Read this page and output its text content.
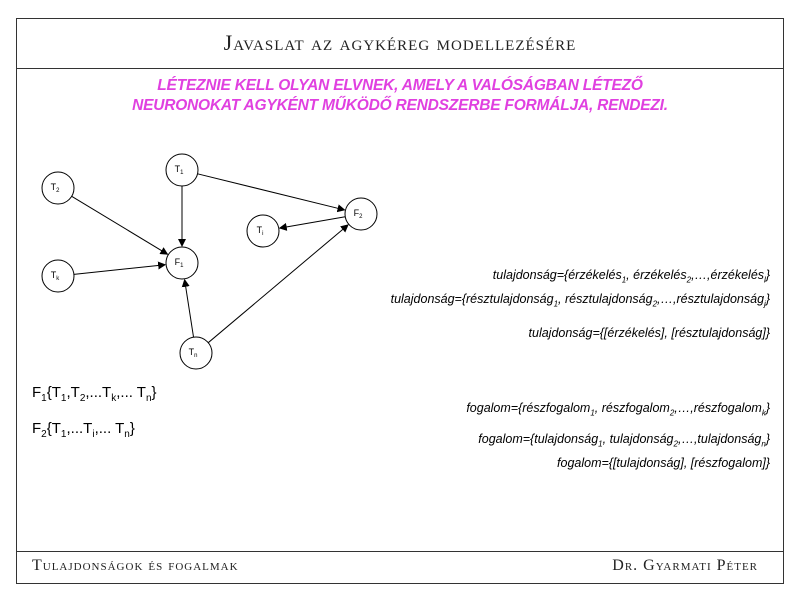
Javaslat az agykéreg modellezésére
LÉTEZNIE KELL OLYAN ELVNEK, AMELY A VALÓSÁGBAN LÉTEZŐ
NEURONOKAT AGYKÉNT MŰKÖDŐ RENDSZERBE FORMÁLJA, RENDEZI.
$T_2$
$T_1$
$F_2$
$T_i$
$F_1$
$T_k$
$T_n$
$F_1\{T_1,T_2,...T_k$,... $T_n$}
$F_2\{T_1,...T_i$,... $T_n$}
tulajdonság={érzékelés$_1$, érzékelés$_2$,…,érzékelés$_l$}
tulajdonság={résztulajdonság$_1$, résztulajdonság$_2$,…,résztulajdonság$_j$}
tulajdonság={[érzékelés], [résztulajdonság]}
fogalom={részfogalom$_1$, részfogalom$_2$,…,részfogalom$_k$}
fogalom={tulajdonság$_1$, tulajdonság$_2$,…,tulajdonság$_n$}
fogalom={[tulajdonság], [részfogalom]}
Tulajdonságok és fogalmak	Dr. Gyarmati Péter
